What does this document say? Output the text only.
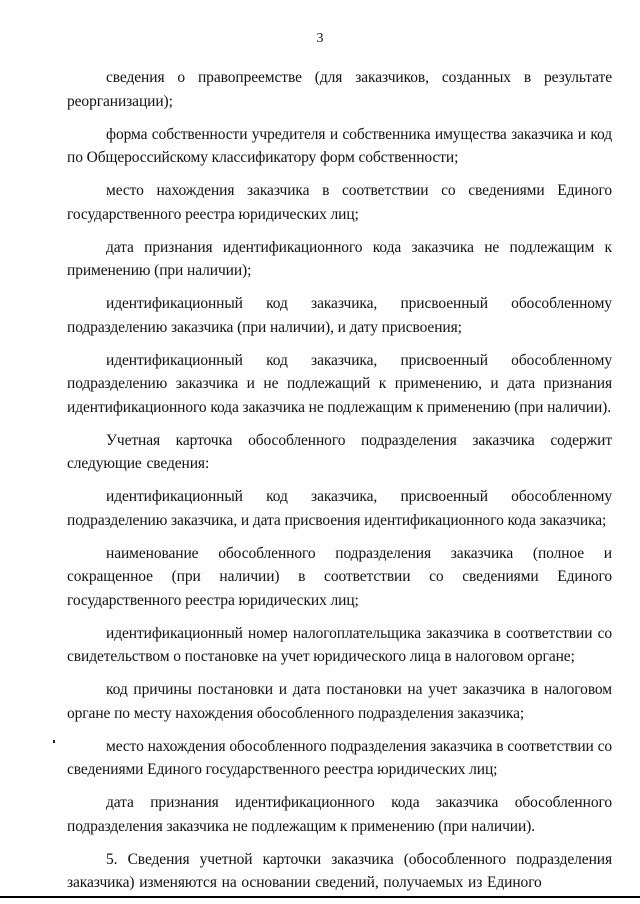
3

сведения о правопреемстве (для заказчиков, созданных в результате реорганизации);

форма собственности учредителя и собственника имущества заказчика и код по Общероссийскому классификатору форм собственности;

место нахождения заказчика в соответствии со сведениями Единого государственного реестра юридических лиц;

дата признания идентификационного кода заказчика не подлежащим к применению (при наличии);

идентификационный код заказчика, присвоенный обособленному подразделению заказчика (при наличии), и дату присвоения;

идентификационный код заказчика, присвоенный обособленному подразделению заказчика и не подлежащий к применению, и дата признания идентификационного кода заказчика не подлежащим к применению (при наличии).

Учетная карточка обособленного подразделения заказчика содержит следующие сведения:

идентификационный код заказчика, присвоенный обособленному подразделению заказчика, и дата присвоения идентификационного кода заказчика;

наименование обособленного подразделения заказчика (полное и сокращенное (при наличии) в соответствии со сведениями Единого государственного реестра юридических лиц;

идентификационный номер налогоплательщика заказчика в соответствии со свидетельством о постановке на учет юридического лица в налоговом органе;

код причины постановки и дата постановки на учет заказчика в налоговом органе по месту нахождения обособленного подразделения заказчика;

место нахождения обособленного подразделения заказчика в соответствии со сведениями Единого государственного реестра юридических лиц;

дата признания идентификационного кода заказчика обособленного подразделения заказчика не подлежащим к применению (при наличии).

5. Сведения учетной карточки заказчика (обособленного подразделения заказчика) изменяются на основании сведений, получаемых из Единого
